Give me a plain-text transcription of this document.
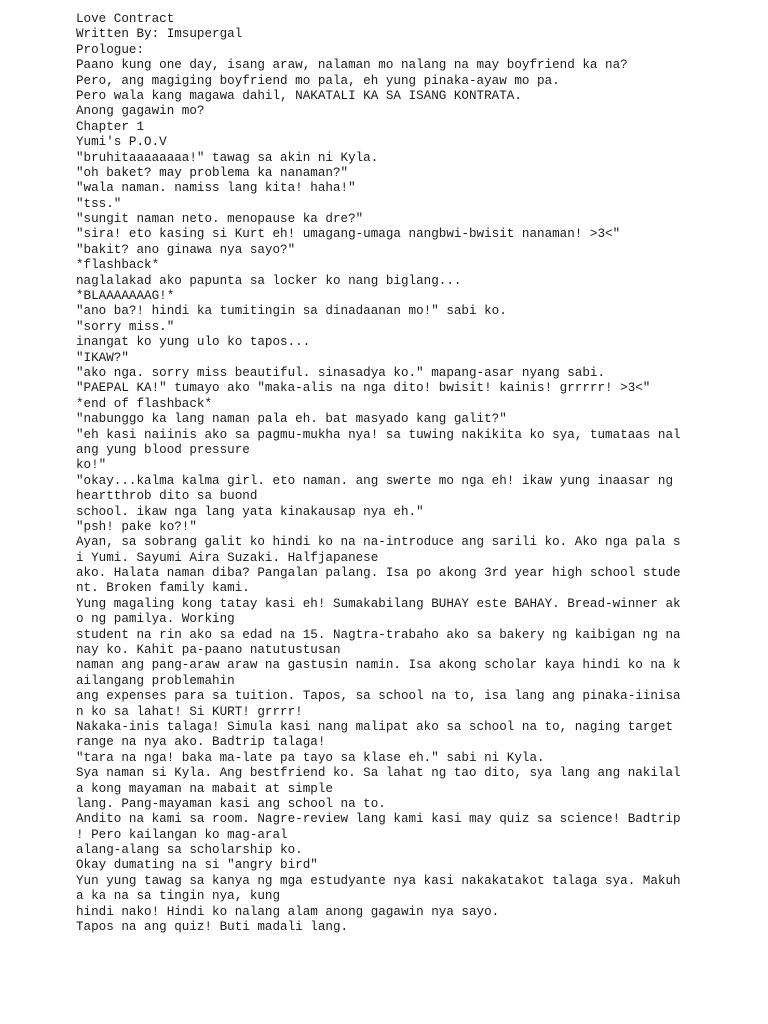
Love Contract
Written By: Imsupergal
Prologue:
Paano kung one day, isang araw, nalaman mo nalang na may boyfriend ka na?
Pero, ang magiging boyfriend mo pala, eh yung pinaka-ayaw mo pa.
Pero wala kang magawa dahil, NAKATALI KA SA ISANG KONTRATA.
Anong gagawin mo?
Chapter 1
Yumi's P.O.V
"bruhitaaaaaaaa!" tawag sa akin ni Kyla.
"oh baket? may problema ka nanaman?"
"wala naman. namiss lang kita! haha!"
"tss."
"sungit naman neto. menopause ka dre?"
"sira! eto kasing si Kurt eh! umagang-umaga nangbwi-bwisit nanaman! >3<"
"bakit? ano ginawa nya sayo?"
*flashback*
naglalakad ako papunta sa locker ko nang biglang...
*BLAAAAAAAG!*
"ano ba?! hindi ka tumitingin sa dinadaanan mo!" sabi ko.
"sorry miss."
inangat ko yung ulo ko tapos...
"IKAW?"
"ako nga. sorry miss beautiful. sinasadya ko." mapang-asar nyang sabi.
"PAEPAL KA!" tumayo ako "maka-alis na nga dito! bwisit! kainis! grrrrr! >3<"
*end of flashback*
"nabunggo ka lang naman pala eh. bat masyado kang galit?"
"eh kasi naiinis ako sa pagmu-mukha nya! sa tuwing nakikita ko sya, tumataas nal
ang yung blood pressure
ko!"
"okay...kalma kalma girl. eto naman. ang swerte mo nga eh! ikaw yung inaasar ng
heartthrob dito sa buond
school. ikaw nga lang yata kinakausap nya eh."
"psh! pake ko?!"
Ayan, sa sobrang galit ko hindi ko na na-introduce ang sarili ko. Ako nga pala s
i Yumi. Sayumi Aira Suzaki. Halfjapanese
ako. Halata naman diba? Pangalan palang. Isa po akong 3rd year high school stude
nt. Broken family kami.
Yung magaling kong tatay kasi eh! Sumakabilang BUHAY este BAHAY. Bread-winner ak
o ng pamilya. Working
student na rin ako sa edad na 15. Nagtra-trabaho ako sa bakery ng kaibigan ng na
nay ko. Kahit pa-paano natutustusan
naman ang pang-araw araw na gastusin namin. Isa akong scholar kaya hindi ko na k
ailangang problemahin
ang expenses para sa tuition. Tapos, sa school na to, isa lang ang pinaka-iinisa
n ko sa lahat! Si KURT! grrrr!
Nakaka-inis talaga! Simula kasi nang malipat ako sa school na to, naging target
range na nya ako. Badtrip talaga!
"tara na nga! baka ma-late pa tayo sa klase eh." sabi ni Kyla.
Sya naman si Kyla. Ang bestfriend ko. Sa lahat ng tao dito, sya lang ang nakilal
a kong mayaman na mabait at simple
lang. Pang-mayaman kasi ang school na to.
Andito na kami sa room. Nagre-review lang kami kasi may quiz sa science! Badtrip
! Pero kailangan ko mag-aral
alang-alang sa scholarship ko.
Okay dumating na si "angry bird"
Yun yung tawag sa kanya ng mga estudyante nya kasi nakakatakot talaga sya. Makuh
a ka na sa tingin nya, kung
hindi nako! Hindi ko nalang alam anong gagawin nya sayo.
Tapos na ang quiz! Buti madali lang.
